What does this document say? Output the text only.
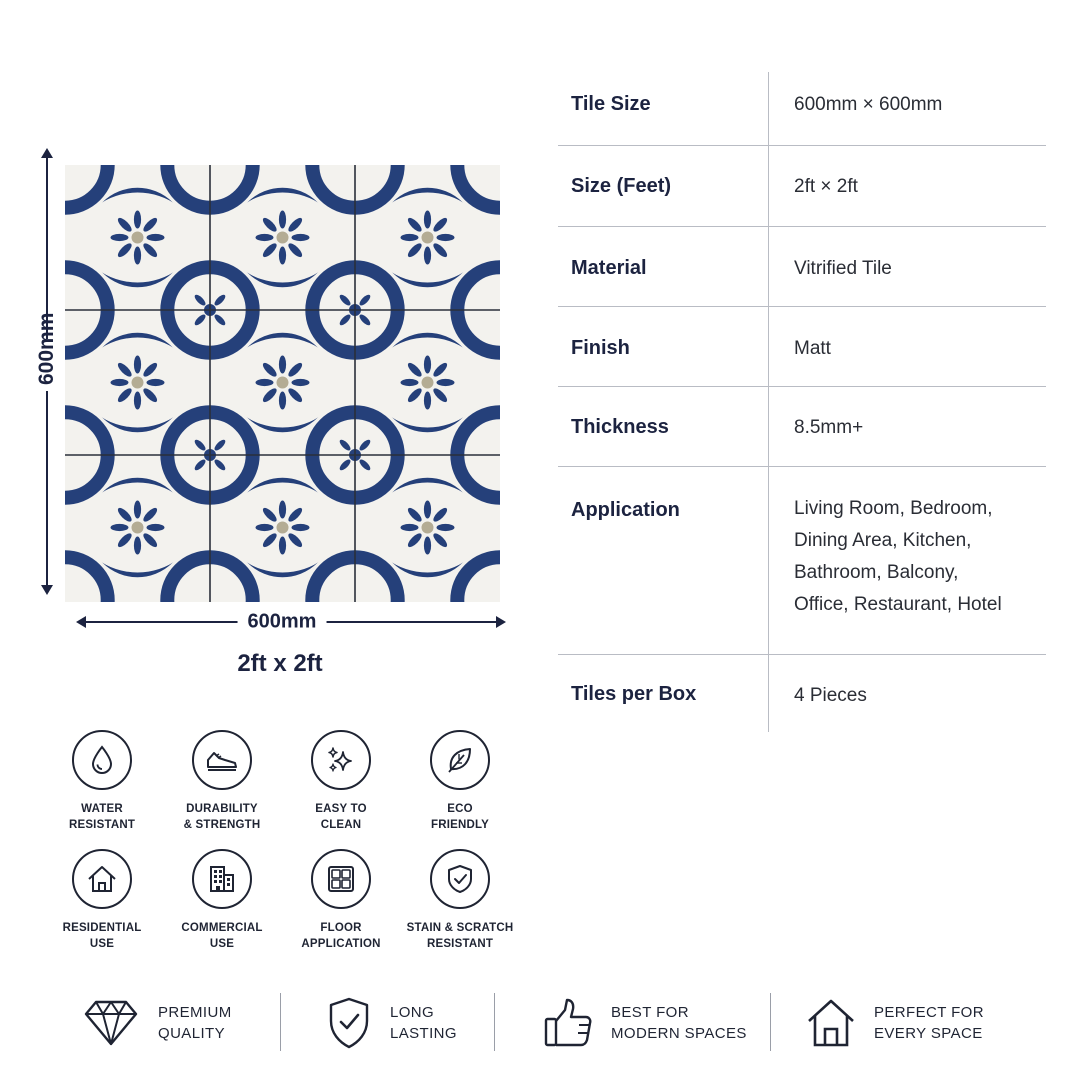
600mm
600mm
2ft x 2ft
Tile Size	600mm × 600mm
Size (Feet)	2ft × 2ft
Material	Vitrified Tile
Finish	Matt
Thickness	8.5mm+
Application	Living Room, Bedroom,
Dining Area, Kitchen,
Bathroom, Balcony,
Office, Restaurant, Hotel
Tiles per Box	4 Pieces
WATER
RESISTANT
DURABILITY
& STRENGTH
EASY TO
CLEAN
ECO
FRIENDLY
RESIDENTIAL
USE
COMMERCIAL
USE
FLOOR
APPLICATION
STAIN & SCRATCH
RESISTANT
PREMIUM
QUALITY
LONG
LASTING
BEST FOR
MODERN SPACES
PERFECT FOR
EVERY SPACE
